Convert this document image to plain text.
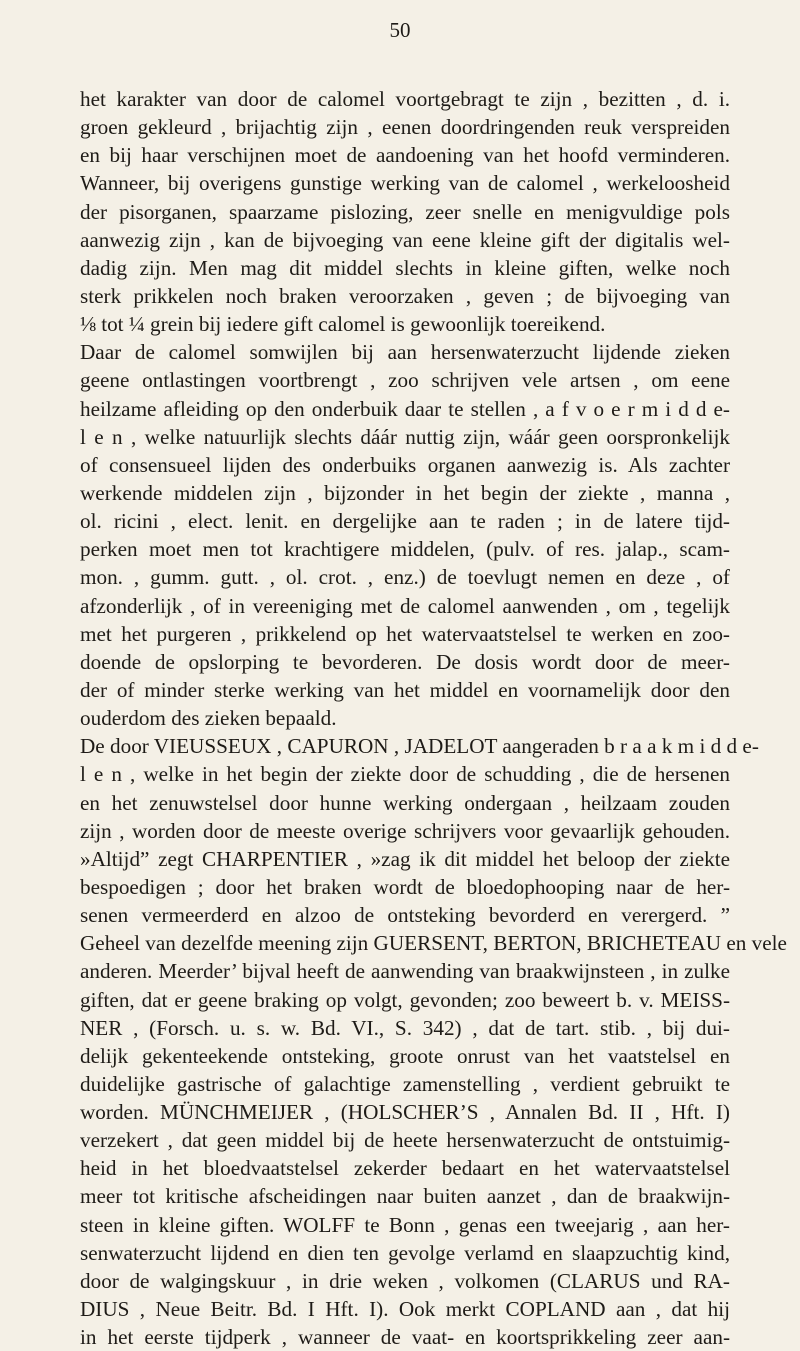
50
het karakter van door de calomel voortgebragt te zijn , bezitten , d. i.
groen gekleurd , brijachtig zijn , eenen doordringenden reuk verspreiden
en bij haar verschijnen moet de aandoening van het hoofd verminderen.
Wanneer, bij overigens gunstige werking van de calomel , werkeloosheid
der pisorganen, spaarzame pislozing, zeer snelle en menigvuldige pols
aanwezig zijn , kan de bijvoeging van eene kleine gift der digitalis wel-
dadig zijn. Men mag dit middel slechts in kleine giften, welke noch
sterk prikkelen noch braken veroorzaken , geven ; de bijvoeging van
⅛ tot ¼ grein bij iedere gift calomel is gewoonlijk toereikend.
Daar de calomel somwijlen bij aan hersenwaterzucht lijdende zieken
geene ontlastingen voortbrengt , zoo schrijven vele artsen , om eene
heilzame afleiding op den onderbuik daar te stellen , a f v o e r m i d d e-
l e n , welke natuurlijk slechts dáár nuttig zijn, wáár geen oorspronkelijk
of consensueel lijden des onderbuiks organen aanwezig is. Als zachter
werkende middelen zijn , bijzonder in het begin der ziekte , manna ,
ol. ricini , elect. lenit. en dergelijke aan te raden ; in de latere tijd-
perken moet men tot krachtigere middelen, (pulv. of res. jalap., scam-
mon. , gumm. gutt. , ol. crot. , enz.) de toevlugt nemen en deze , of
afzonderlijk , of in vereeniging met de calomel aanwenden , om , tegelijk
met het purgeren , prikkelend op het watervaatstelsel te werken en zoo-
doende de opslorping te bevorderen. De dosis wordt door de meer-
der of minder sterke werking van het middel en voornamelijk door den
ouderdom des zieken bepaald.
De door VIEUSSEUX , CAPURON , JADELOT aangeraden b r a a k m i d d e-
l e n , welke in het begin der ziekte door de schudding , die de hersenen
en het zenuwstelsel door hunne werking ondergaan , heilzaam zouden
zijn , worden door de meeste overige schrijvers voor gevaarlijk gehouden.
»Altijd” zegt CHARPENTIER , »zag ik dit middel het beloop der ziekte
bespoedigen ; door het braken wordt de bloedophooping naar de her-
senen vermeerderd en alzoo de ontsteking bevorderd en verergerd. ”
Geheel van dezelfde meening zijn GUERSENT, BERTON, BRICHETEAU en vele
anderen. Meerder’ bijval heeft de aanwending van braakwijnsteen , in zulke
giften, dat er geene braking op volgt, gevonden; zoo beweert b. v. MEISS-
NER , (Forsch. u. s. w. Bd. VI., S. 342) , dat de tart. stib. , bij dui-
delijk gekenteekende ontsteking, groote onrust van het vaatstelsel en
duidelijke gastrische of galachtige zamenstelling , verdient gebruikt te
worden. MÜNCHMEIJER , (HOLSCHER’S , Annalen Bd. II , Hft. I)
verzekert , dat geen middel bij de heete hersenwaterzucht de ontstuimig-
heid in het bloedvaatstelsel zekerder bedaart en het watervaatstelsel
meer tot kritische afscheidingen naar buiten aanzet , dan de braakwijn-
steen in kleine giften. WOLFF te Bonn , genas een tweejarig , aan her-
senwaterzucht lijdend en dien ten gevolge verlamd en slaapzuchtig kind,
door de walgingskuur , in drie weken , volkomen (CLARUS und RA-
DIUS , Neue Beitr. Bd. I Hft. I). Ook merkt COPLAND aan , dat hij
in het eerste tijdperk , wanneer de vaat- en koortsprikkeling zeer aan-
